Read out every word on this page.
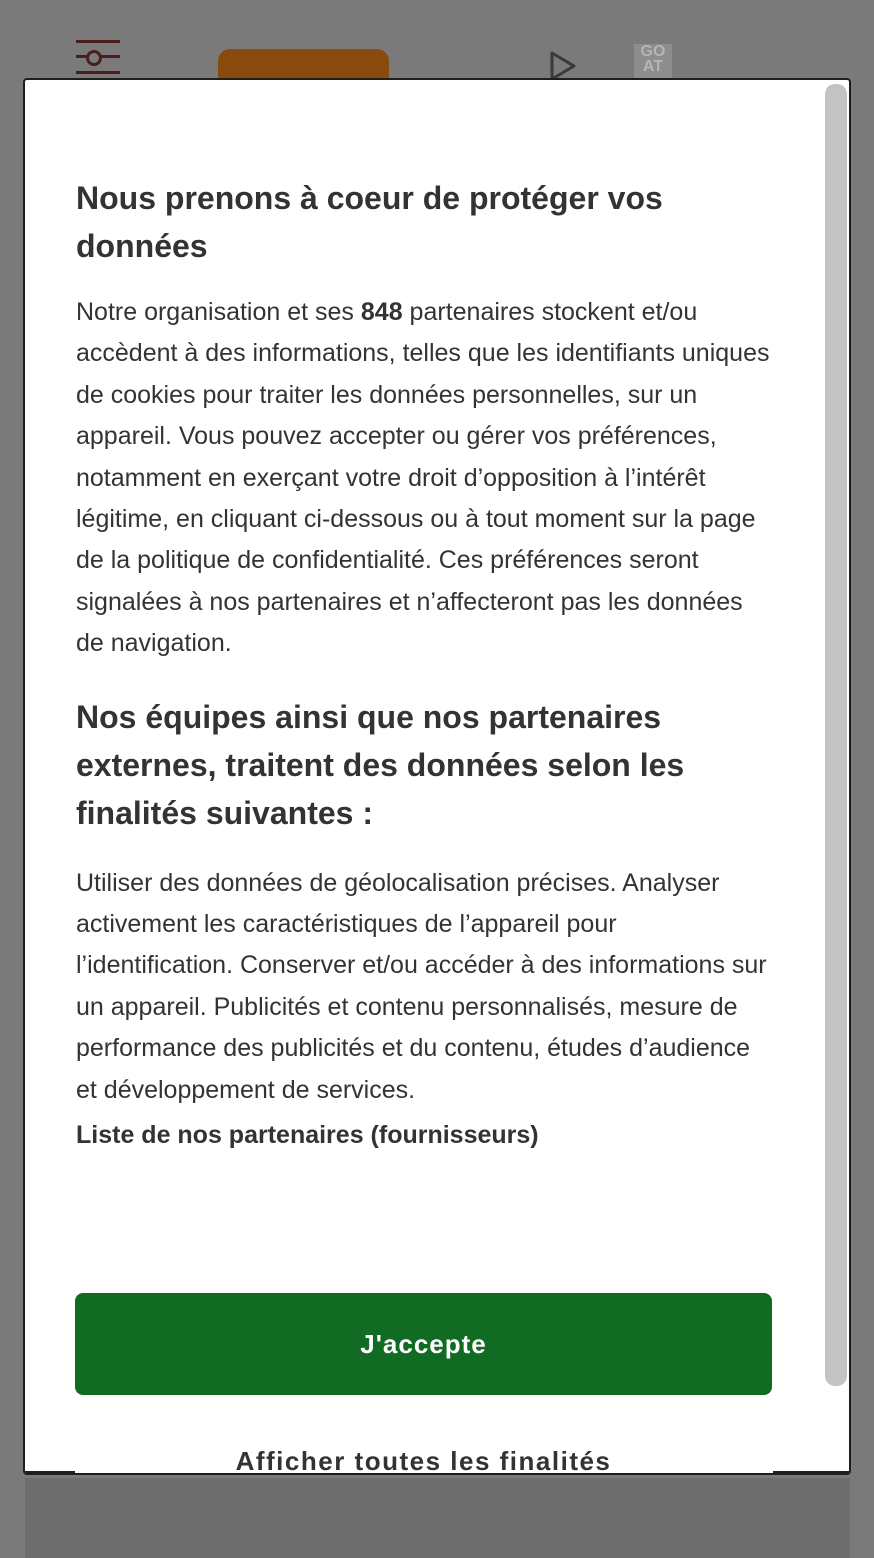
GO AT
Nous prenons à coeur de protéger vos données

Notre organisation et ses 848 partenaires stockent et/ou accèdent à des informations, telles que les identifiants uniques de cookies pour traiter les données personnelles, sur un appareil. Vous pouvez accepter ou gérer vos préférences, notamment en exerçant votre droit d’opposition à l’intérêt légitime, en cliquant ci-dessous ou à tout moment sur la page de la politique de confidentialité. Ces préférences seront signalées à nos partenaires et n’affecteront pas les données de navigation.

Nos équipes ainsi que nos partenaires externes, traitent des données selon les finalités suivantes :

Utiliser des données de géolocalisation précises. Analyser activement les caractéristiques de l’appareil pour l’identification. Conserver et/ou accéder à des informations sur un appareil. Publicités et contenu personnalisés, mesure de performance des publicités et du contenu, études d’audience et développement de services.

Liste de nos partenaires (fournisseurs)
J'accepte
Afficher toutes les finalités
